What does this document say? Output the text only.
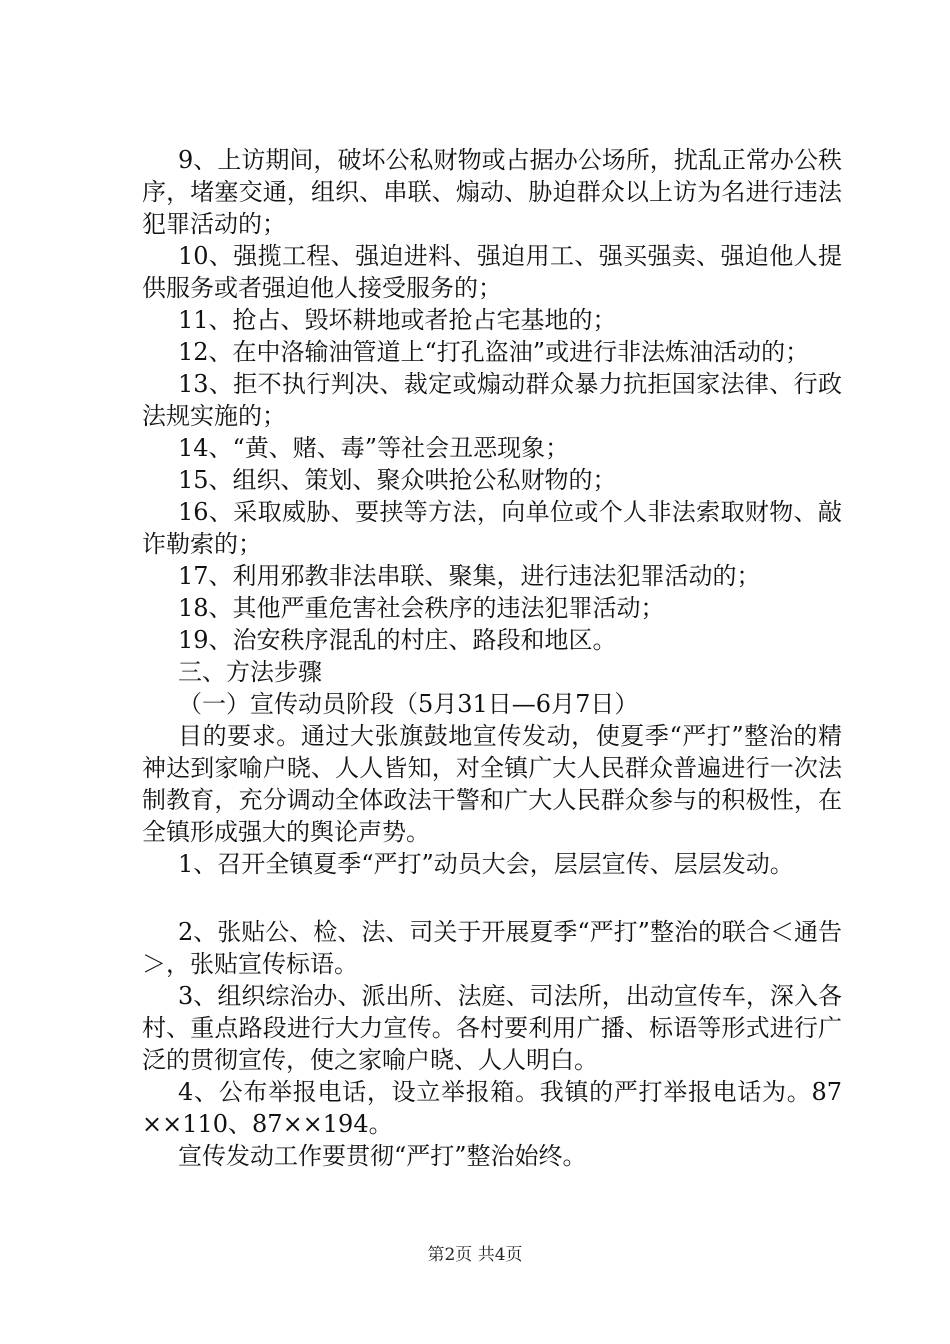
9、上访期间，破坏公私财物或占据办公场所，扰乱正常办公秩序，堵塞交通，组织、串联、煽动、胁迫群众以上访为名进行违法犯罪活动的；

10、强揽工程、强迫进料、强迫用工、强买强卖、强迫他人提供服务或者强迫他人接受服务的；

11、抢占、毁坏耕地或者抢占宅基地的；

12、在中洛输油管道上“打孔盗油”或进行非法炼油活动的；

13、拒不执行判决、裁定或煽动群众暴力抗拒国家法律、行政法规实施的；

14、“黄、赌、毒”等社会丑恶现象；

15、组织、策划、聚众哄抢公私财物的；

16、采取威胁、要挟等方法，向单位或个人非法索取财物、敲诈勒索的；

17、利用邪教非法串联、聚集，进行违法犯罪活动的；

18、其他严重危害社会秩序的违法犯罪活动；

19、治安秩序混乱的村庄、路段和地区。

三、方法步骤

（一）宣传动员阶段（5月31日—6月7日）

目的要求。通过大张旗鼓地宣传发动，使夏季“严打”整治的精神达到家喻户晓、人人皆知，对全镇广大人民群众普遍进行一次法制教育，充分调动全体政法干警和广大人民群众参与的积极性，在全镇形成强大的舆论声势。

1、召开全镇夏季“严打”动员大会，层层宣传、层层发动。

2、张贴公、检、法、司关于开展夏季“严打”整治的联合＜通告＞，张贴宣传标语。

3、组织综治办、派出所、法庭、司法所，出动宣传车，深入各村、重点路段进行大力宣传。各村要利用广播、标语等形式进行广泛的贯彻宣传，使之家喻户晓、人人明白。

4、公布举报电话，设立举报箱。我镇的严打举报电话为。87××110、87××194。

宣传发动工作要贯彻“严打”整治始终。

第2页 共4页
